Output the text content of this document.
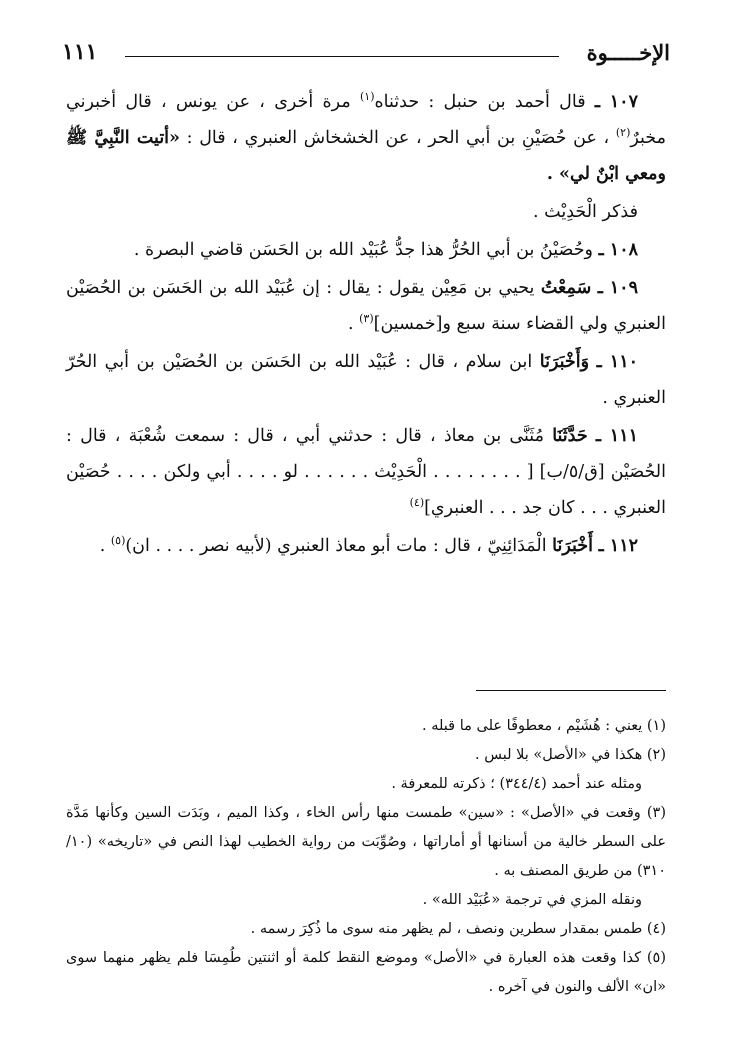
الإخـــــوة
١١١

١٠٧ ـ قال أحمد بن حنبل : حدثناه$^{(١)}$ مرة أخرى ، عن يونس ، قال أخبرني مخبرٌ$^{(٢)}$ ، عن حُصَيْنِ بن أبي الحر ، عن الخشخاش العنبري ، قال : «أتيت النَّبِيَّ ﷺ ومعي ابْنٌ لي» .

فذكر الْحَدِيْث .

١٠٨ ـ وحُصَيْنُ بن أبي الحُرُّ هذا جدُّ عُبَيْد الله بن الحَسَن قاضي البصرة .

١٠٩ ـ سَمِعْتُ يحيي بن مَعِيْن يقول : يقال : إن عُبَيْد الله بن الحَسَن بن الحُصَيْن العنبري ولي القضاء سنة سبع و[خمسين]$^{(٣)}$ .

١١٠ ـ وَأَخْبَرَنَا ابن سلام ، قال : عُبَيْد الله بن الحَسَن بن الحُصَيْن بن أبي الحُرّ العنبري .

١١١ ـ حَدَّثَنَا مُثَنَّى بن معاذ ، قال : حدثني أبي ، قال : سمعت شُعْبَة ، قال : الحُصَيْن [ق/٥/ب] [ . . . . . . . . الْحَدِيْث . . . . . . لو . . . . أبي ولكن . . . . حُصَيْن العنبري . . . كان جد . . . العنبري]$^{(٤)}$

١١٢ ـ أَخْبَرَنَا الْمَدَائِنِيّ ، قال : مات أبو معاذ العنبري (لأبيه نصر . . . . ان)$^{(٥)}$ .

(١) يعني : هُشَيْم ، معطوفًا على ما قبله .

(٢) هكذا في «الأصل» بلا لبس .

ومثله عند أحمد (٣٤٤/٤) ؛ ذكرته للمعرفة .

(٣) وقعت في «الأصل» : «سين» طمست منها رأس الخاء ، وكذا الميم ، وبَدَت السين وكأنها مَدَّة على السطر خالية من أسنانها أو أماراتها ، وصُوِّبَت من رواية الخطيب لهذا النص في «تاريخه» (١٠/ ٣١٠) من طريق المصنف به .

ونقله المزي في ترجمة «عُبَيْد الله» .

(٤) طمس بمقدار سطرين ونصف ، لم يظهر منه سوى ما ذُكِرَ رسمه .

(٥) كذا وقعت هذه العبارة في «الأصل» وموضع النقط كلمة أو اثنتين طُمِسَا فلم يظهر منهما سوى «ان» الألف والنون في آخره .
